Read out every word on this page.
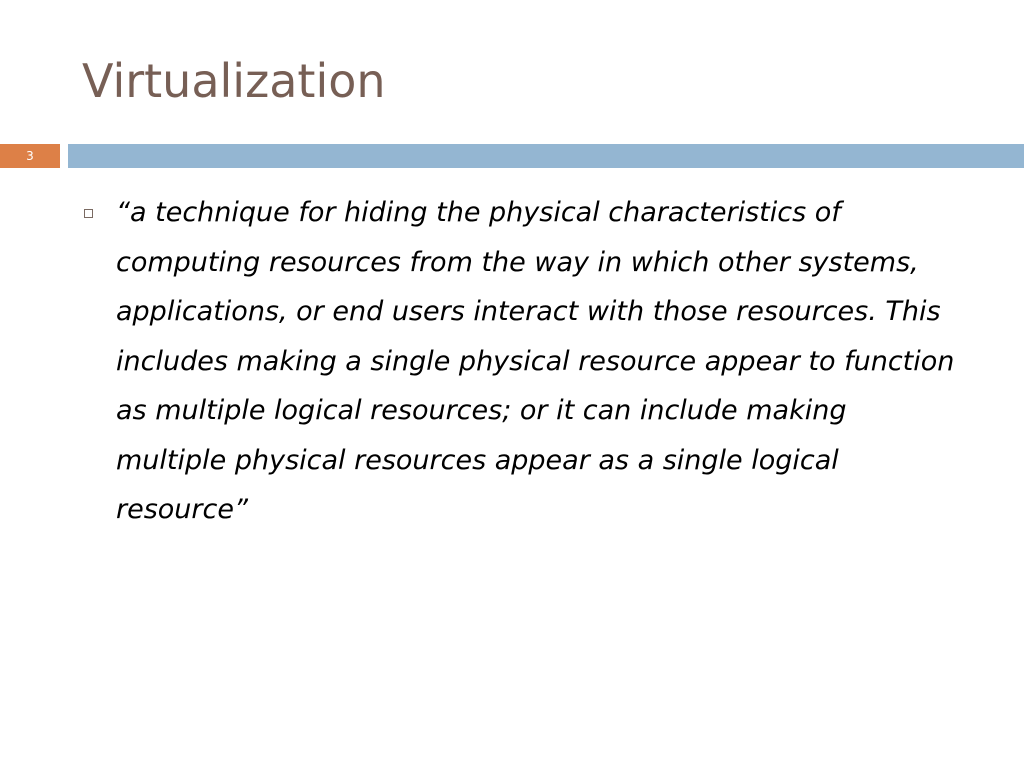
Virtualization
3
“a technique for hiding the physical characteristics of computing resources from the way in which other systems, applications, or end users interact with those resources. This includes making a single physical resource appear to function as multiple logical resources; or it can include making multiple physical resources appear as a single logical resource”
